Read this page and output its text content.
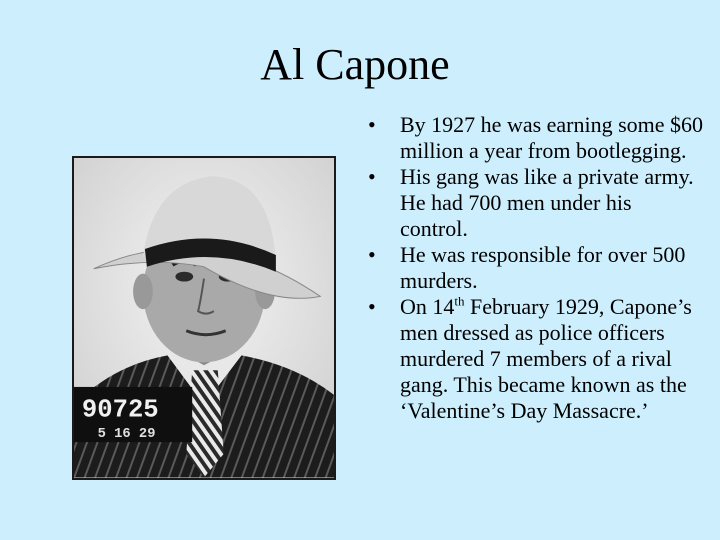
Al Capone
90725
5 16 29
•	By 1927 he was earning some $60 million a year from bootlegging.
•	His gang was like a private army. He had 700 men under his control.
•	He was responsible for over 500 murders.
•	On 14th February 1929, Capone’s men dressed as police officers murdered 7 members of a rival gang. This became known as the ‘Valentine’s Day Massacre.’
